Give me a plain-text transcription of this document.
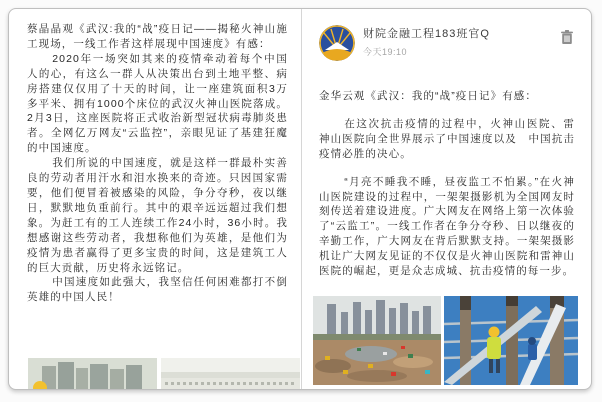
蔡晶晶观《武汉:我的“战”疫日记——揭秘火神山施工现场，一线工作者这样展现中国速度》有感：

2020年一场突如其来的疫情牵动着每个中国人的心，有这么一群人从决策出台到土地平整、病房搭建仅仅用了十天的时间，让一座建筑面积3万多平米、拥有1000个床位的武汉火神山医院落成。2月3日，这座医院将正式收治新型冠状病毒肺炎患者。全网亿万网友“云监控”，亲眼见证了基建狂魔的中国速度。

我们所说的中国速度，就是这样一群最朴实善良的劳动者用汗水和泪水换来的奇迹。只因国家需要，他们便冒着被感染的风险，争分夺秒，夜以继日，默默地负重前行。其中的艰辛远远超过我们想象。为赶工有的工人连续工作24小时，36小时。我想感谢这些劳动者，我想称他们为英雄，是他们为疫情为患者赢得了更多宝贵的时间，这是建筑工人的巨大贡献，历史将永远铭记。

中国速度如此强大，我坚信任何困难都打不倒英雄的中国人民！

财院金融工程183班官Q
今天19:10

金华云观《武汉：我的“战”疫日记》有感：

在这次抗击疫情的过程中，火神山医院、雷神山医院向全世界展示了中国速度以及　中国抗击疫情必胜的决心。

“月亮不睡我不睡，昼夜监工不怕累。”在火神山医院建设的过程中，一架架摄影机为全国网友时刻传送着建设进度。广大网友在网络上第一次体验了“云监工”。一线工作者在争分夺秒、日以继夜的辛勤工作，广大网友在背后默默支持。一架架摄影机让广大网友见证的不仅仅是火神山医院和雷神山医院的崛起，更是众志成城、抗击疫情的每一步。
